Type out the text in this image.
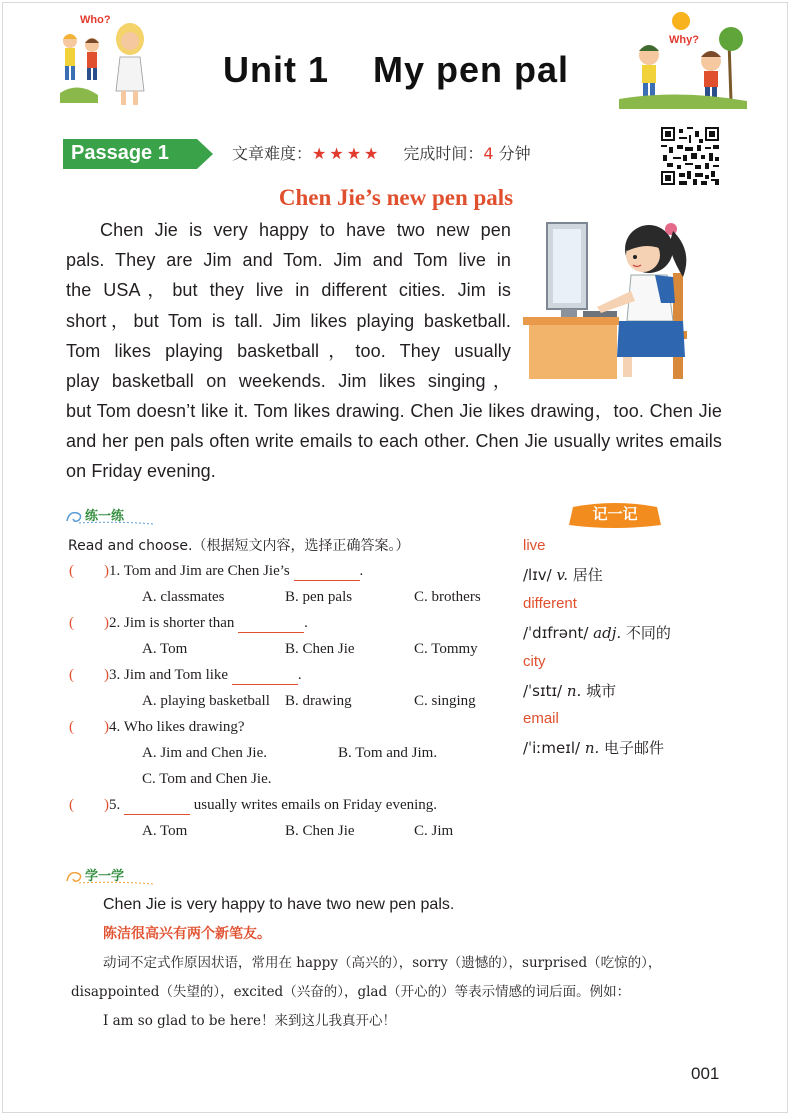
Who?
Unit 1 My pen pal
Why?
Passage 1	文章难度：★★★★ 完成时间：4 分钟
Chen Jie’s new pen pals
Chen Jie is very happy to have two new pen
pals. They are Jim and Tom. Jim and Tom live in
the USA，but they live in different cities. Jim is
short，but Tom is tall. Jim likes playing basketball.
Tom likes playing basketball，too. They usually
play basketball on weekends. Jim likes singing，
but Tom doesn’t like it. Tom likes drawing. Chen Jie likes drawing，too. Chen Jie and her pen pals often write emails to each other. Chen Jie usually writes emails on Friday evening.
练一练
Read and choose.（根据短文内容，选择正确答案。）
(  )1. Tom and Jim are Chen Jie’s	.
A. classmates	B. pen pals	C. brothers
(  )2. Jim is shorter than	.
A. Tom	B. Chen Jie	C. Tommy
(  )3. Jim and Tom like	.
A. playing basketball B. drawing	C. singing
(  )4. Who likes drawing?
A. Jim and Chen Jie.	B. Tom and Jim.
C. Tom and Chen Jie.
(  )5.	usually writes emails on Friday evening.
A. Tom	B. Chen Jie	C. Jim
记一记
live
/lɪv/ v. 居住
different
/ˈdɪfrənt/ adj. 不同的
city
/ˈsɪtɪ/ n. 城市
email
/ˈiːmeɪl/ n. 电子邮件
学一学
Chen Jie is very happy to have two new pen pals.
陈洁很高兴有两个新笔友。
动词不定式作原因状语，常用在 happy（高兴的），sorry（遗憾的），surprised（吃惊的），
disappointed（失望的），excited（兴奋的），glad（开心的）等表示情感的词后面。例如：
I am so glad to be here！来到这儿我真开心！
001
